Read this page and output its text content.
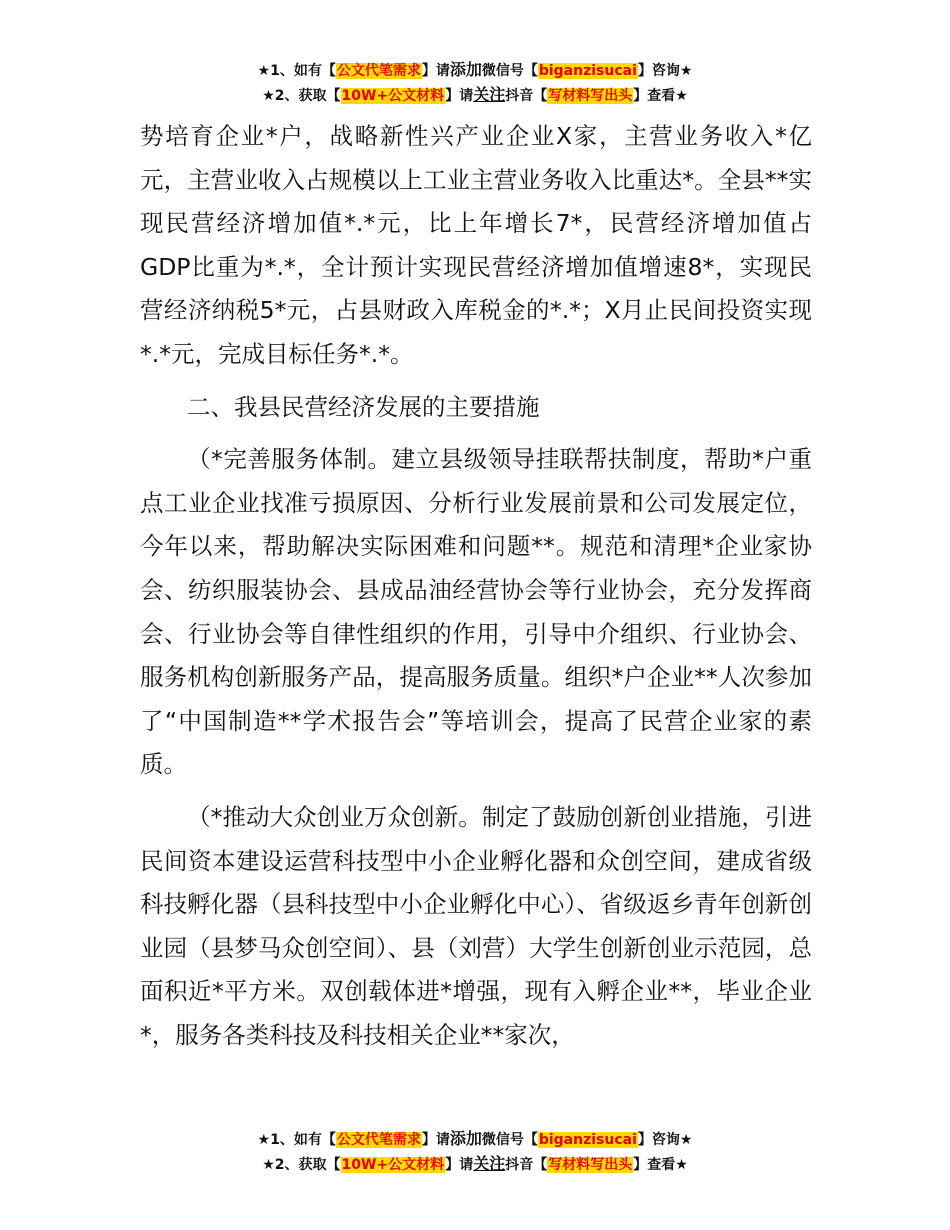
★1、如有【公文代笔需求】请添加微信号【biganzisucai】咨询★
★2、获取【10W+公文材料】请关注抖音【写材料写出头】查看★

势培育企业*户，战略新性兴产业企业X家，主营业务收入*亿元，主营业收入占规模以上工业主营业务收入比重达*。全县**实现民营经济增加值*.*元，比上年增长7*，民营经济增加值占GDP比重为*.*，全计预计实现民营经济增加值增速8*，实现民营经济纳税5*元，占县财政入库税金的*.*；X月止民间投资实现*.*元，完成目标任务*.*。

二、我县民营经济发展的主要措施

（*完善服务体制。建立县级领导挂联帮扶制度，帮助*户重点工业企业找准亏损原因、分析行业发展前景和公司发展定位，今年以来，帮助解决实际困难和问题**。规范和清理*企业家协会、纺织服装协会、县成品油经营协会等行业协会，充分发挥商会、行业协会等自律性组织的作用，引导中介组织、行业协会、服务机构创新服务产品，提高服务质量。组织*户企业**人次参加了“中国制造**学术报告会”等培训会，提高了民营企业家的素质。

（*推动大众创业万众创新。制定了鼓励创新创业措施，引进民间资本建设运营科技型中小企业孵化器和众创空间，建成省级科技孵化器（县科技型中小企业孵化中心）、省级返乡青年创新创业园（县梦马众创空间）、县（刘营）大学生创新创业示范园，总面积近*平方米。双创载体进*增强，现有入孵企业**，毕业企业*，服务各类科技及科技相关企业**家次，

★1、如有【公文代笔需求】请添加微信号【biganzisucai】咨询★
★2、获取【10W+公文材料】请关注抖音【写材料写出头】查看★
